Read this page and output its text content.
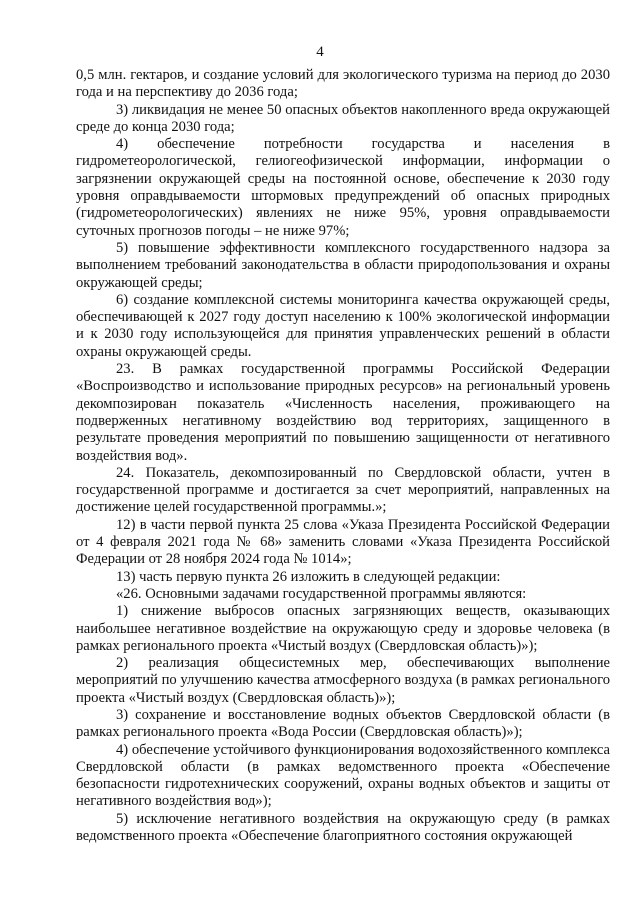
4

0,5 млн. гектаров, и создание условий для экологического туризма на период до 2030 года и на перспективу до 2036 года;

3) ликвидация не менее 50 опасных объектов накопленного вреда окружающей среде до конца 2030 года;

4) обеспечение потребности государства и населения в гидрометеорологической, гелиогеофизической информации, информации о загрязнении окружающей среды на постоянной основе, обеспечение к 2030 году уровня оправдываемости штормовых предупреждений об опасных природных (гидрометеорологических) явлениях не ниже 95%, уровня оправдываемости суточных прогнозов погоды – не ниже 97%;

5) повышение эффективности комплексного государственного надзора за выполнением требований законодательства в области природопользования и охраны окружающей среды;

6) создание комплексной системы мониторинга качества окружающей среды, обеспечивающей к 2027 году доступ населению к 100% экологической информации и к 2030 году использующейся для принятия управленческих решений в области охраны окружающей среды.

23. В рамках государственной программы Российской Федерации «Воспроизводство и использование природных ресурсов» на региональный уровень декомпозирован показатель «Численность населения, проживающего на подверженных негативному воздействию вод территориях, защищенного в результате проведения мероприятий по повышению защищенности от негативного воздействия вод».

24. Показатель, декомпозированный по Свердловской области, учтен в государственной программе и достигается за счет мероприятий, направленных на достижение целей государственной программы.»;

12) в части первой пункта 25 слова «Указа Президента Российской Федерации от 4 февраля 2021 года № 68» заменить словами «Указа Президента Российской Федерации от 28 ноября 2024 года № 1014»;

13) часть первую пункта 26 изложить в следующей редакции:

«26. Основными задачами государственной программы являются:

1) снижение выбросов опасных загрязняющих веществ, оказывающих наибольшее негативное воздействие на окружающую среду и здоровье человека (в рамках регионального проекта «Чистый воздух (Свердловская область)»);

2) реализация общесистемных мер, обеспечивающих выполнение мероприятий по улучшению качества атмосферного воздуха (в рамках регионального проекта «Чистый воздух (Свердловская область)»);

3) сохранение и восстановление водных объектов Свердловской области (в рамках регионального проекта «Вода России (Свердловская область)»);

4) обеспечение устойчивого функционирования водохозяйственного комплекса Свердловской области (в рамках ведомственного проекта «Обеспечение безопасности гидротехнических сооружений, охраны водных объектов и защиты от негативного воздействия вод»);

5) исключение негативного воздействия на окружающую среду (в рамках ведомственного проекта «Обеспечение благоприятного состояния окружающей
